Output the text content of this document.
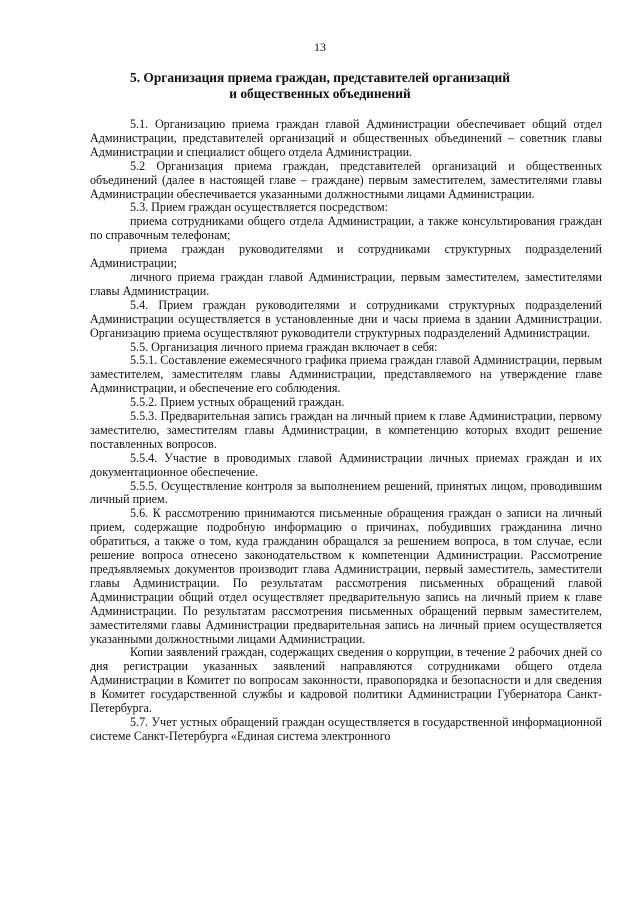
13
5. Организация приема граждан, представителей организаций
и общественных объединений

5.1. Организацию приема граждан главой Администрации обеспечивает общий отдел Администрации, представителей организаций и общественных объединений – советник главы Администрации и специалист общего отдела Администрации.

5.2 Организация приема граждан, представителей организаций и общественных объединений (далее в настоящей главе – граждане) первым заместителем, заместителями главы Администрации обеспечивается указанными должностными лицами Администрации.

5.3. Прием граждан осуществляется посредством:

приема сотрудниками общего отдела Администрации, а также консультирования граждан по справочным телефонам;

приема граждан руководителями и сотрудниками структурных подразделений Администрации;

личного приема граждан главой Администрации, первым заместителем, заместителями главы Администрации.

5.4. Прием граждан руководителями и сотрудниками структурных подразделений Администрации осуществляется в установленные дни и часы приема в здании Администрации. Организацию приема осуществляют руководители структурных подразделений Администрации.

5.5. Организация личного приема граждан включает в себя:

5.5.1. Составление ежемесячного графика приема граждан главой Администрации, первым заместителем, заместителям главы Администрации, представляемого на утверждение главе Администрации, и обеспечение его соблюдения.

5.5.2. Прием устных обращений граждан.

5.5.3. Предварительная запись граждан на личный прием к главе Администрации, первому заместителю, заместителям главы Администрации, в компетенцию которых входит решение поставленных вопросов.

5.5.4. Участие в проводимых главой Администрации личных приемах граждан и их документационное обеспечение.

5.5.5. Осуществление контроля за выполнением решений, принятых лицом, проводившим личный прием.

5.6. К рассмотрению принимаются письменные обращения граждан о записи на личный прием, содержащие подробную информацию о причинах, побудивших гражданина лично обратиться, а также о том, куда гражданин обращался за решением вопроса, в том случае, если решение вопроса отнесено законодательством к компетенции Администрации. Рассмотрение предъявляемых документов производит глава Администрации, первый заместитель, заместители главы Администрации. По результатам рассмотрения письменных обращений главой Администрации общий отдел осуществляет предварительную запись на личный прием к главе Администрации. По результатам рассмотрения письменных обращений первым заместителем, заместителями главы Администрации предварительная запись на личный прием осуществляется указанными должностными лицами Администрации.

Копии заявлений граждан, содержащих сведения о коррупции, в течение 2 рабочих дней со дня регистрации указанных заявлений направляются сотрудниками общего отдела Администрации в Комитет по вопросам законности, правопорядка и безопасности и для сведения в Комитет государственной службы и кадровой политики Администрации Губернатора Санкт-Петербурга.

5.7. Учет устных обращений граждан осуществляется в государственной информационной системе Санкт-Петербурга «Единая система электронного
